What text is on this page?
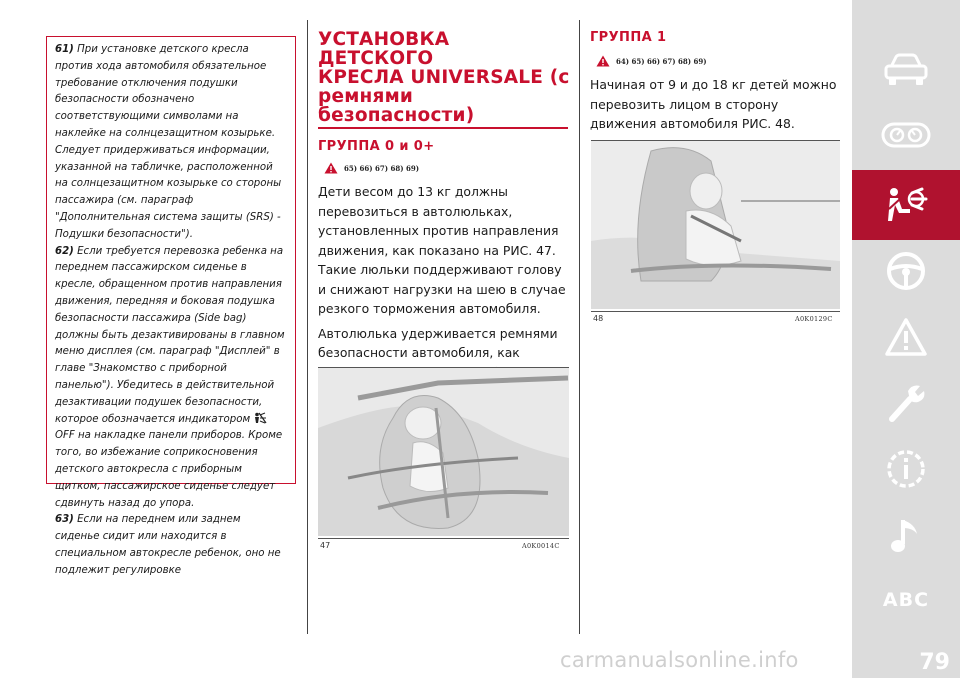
61) При установке детского кресла против хода автомобиля обязательное требование отключения подушки безопасности обозначено соответствующими символами на наклейке на солнцезащитном козырьке. Следует придерживаться информации, указанной на табличке, расположенной на солнцезащитном козырьке со стороны пассажира (см. параграф "Дополнительная система защиты (SRS) - Подушки безопасности").

62) Если требуется перевозка ребенка на переднем пассажирском сиденье в кресле, обращенном против направления движения, передняя и боковая подушка безопасности пассажира (Side bag) должны быть дезактивированы в главном меню дисплея (см. параграф "Дисплей" в главе "Знакомство с приборной панелью"). Убедитесь в действительной дезактивации подушек безопасности, которое обозначается индикатором  OFF на накладке панели приборов. Кроме того, во избежание соприкосновения детского автокресла с приборным щитком, пассажирское сиденье следует сдвинуть назад до упора.

63) Если на переднем или заднем сиденье сидит или находится в специальном автокресле ребенок, оно не подлежит регулировке

УСТАНОВКА ДЕТСКОГО
КРЕСЛА UNIVERSALE (с
ремнями безопасности)
ГРУППА 0 и 0+
65) 66) 67) 68) 69)

Дети весом до 13 кг должны перевозиться в автолюльках, установленных против направления движения, как показано на РИС. 47. Такие люльки поддерживают голову и снижают нагрузки на шею в случае резкого торможения автомобиля.

Автолюлька удерживается ремнями безопасности автомобиля, как

47	A0K0014C
ГРУППА 1
64) 65) 66) 67) 68) 69)

Начиная от 9 и до 18 кг детей можно перевозить лицом в сторону движения автомобиля РИС. 48.

48	A0K0129C
ABC
79
carmanualsonline.info
